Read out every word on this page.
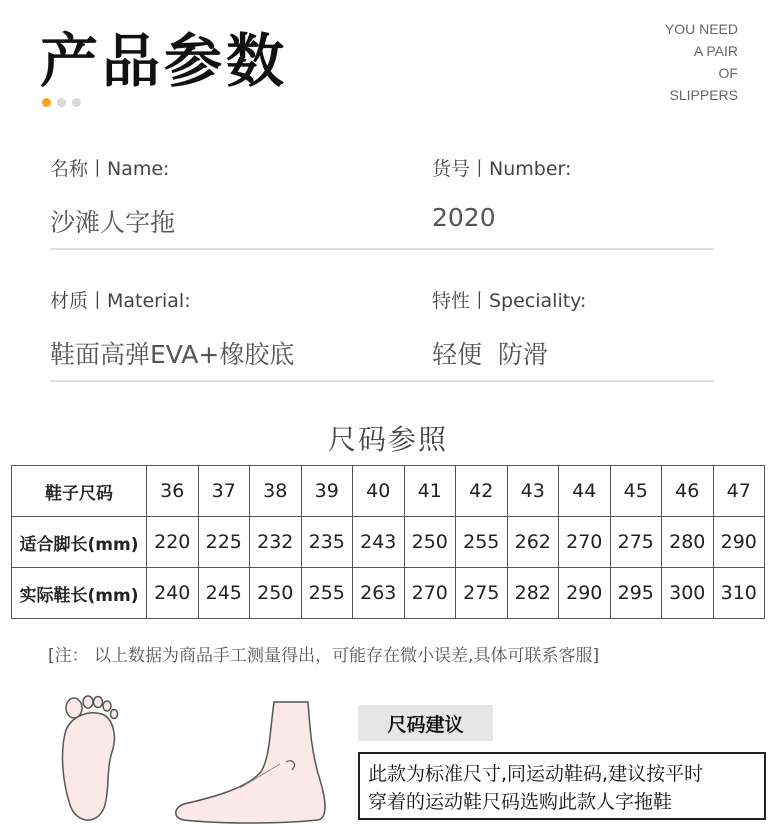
产品参数	YOU NEED
A PAIR
OF
SLIPPERS
名称丨Name:
沙滩人字拖
货号丨Number:
2020
材质丨Material:
鞋面高弹EVA+橡胶底
特性丨Speciality:
轻便  防滑
尺码参照
鞋子尺码	36	37	38	39	40	41	42	43	44	45	46	47
适合脚长(mm)	220	225	232	235	243	250	255	262	270	275	280	290
实际鞋长(mm)	240	245	250	255	263	270	275	282	290	295	300	310
[注： 以上数据为商品手工测量得出，可能存在微小误差,具体可联系客服]
尺码建议
此款为标准尺寸,同运动鞋码,建议按平时
穿着的运动鞋尺码选购此款人字拖鞋
